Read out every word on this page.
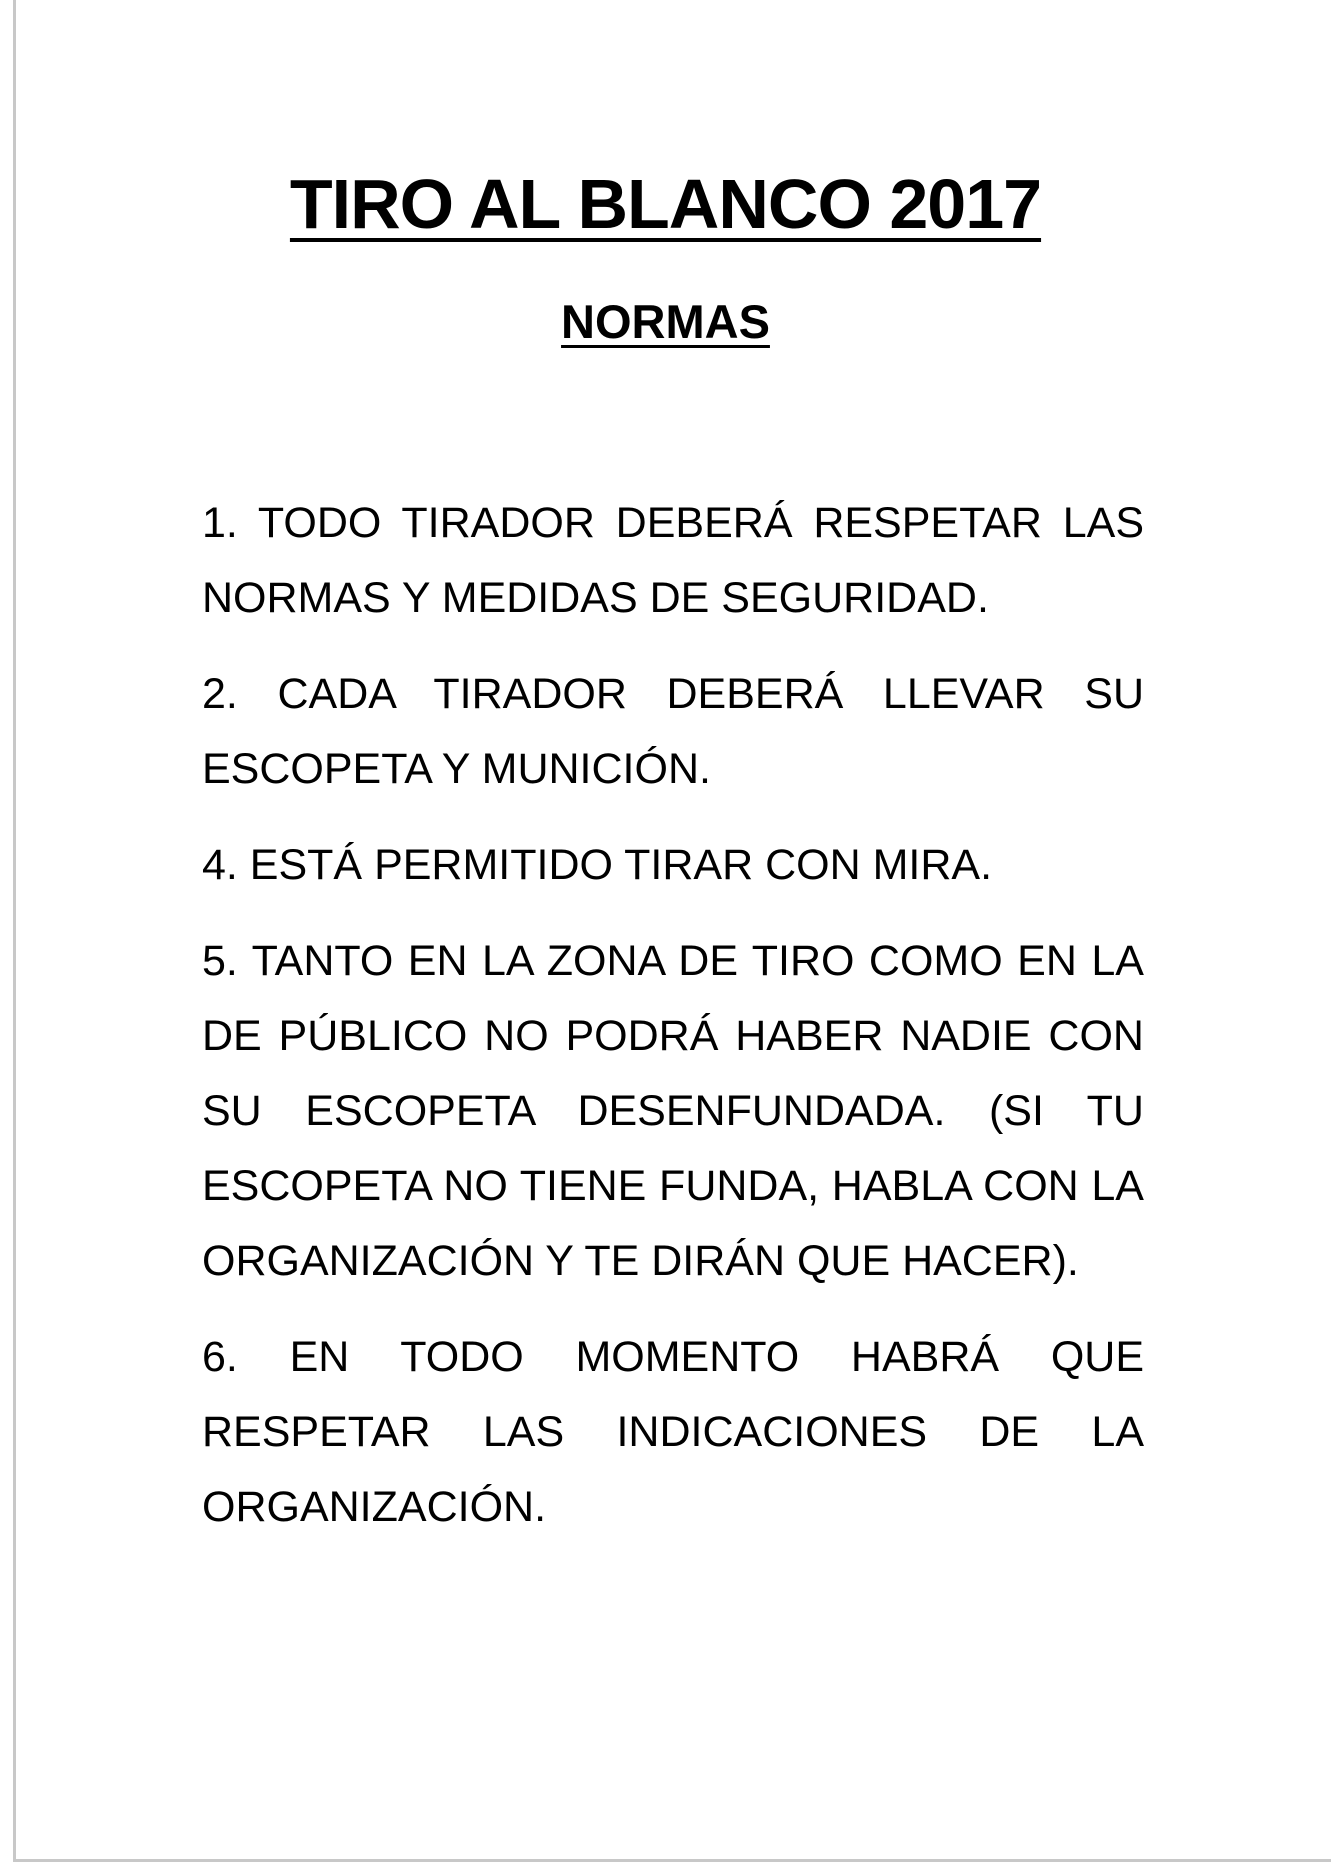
TIRO AL BLANCO 2017
NORMAS

1. TODO TIRADOR DEBERÁ RESPETAR LAS NORMAS Y MEDIDAS DE SEGURIDAD.

2. CADA TIRADOR DEBERÁ LLEVAR SU ESCOPETA Y MUNICIÓN.

4. ESTÁ PERMITIDO TIRAR CON MIRA.

5. TANTO EN LA ZONA DE TIRO COMO EN LA DE PÚBLICO NO PODRÁ HABER NADIE CON SU ESCOPETA DESENFUNDADA. (SI TU ESCOPETA NO TIENE FUNDA, HABLA CON LA ORGANIZACIÓN Y TE DIRÁN QUE HACER).

6. EN TODO MOMENTO HABRÁ QUE RESPETAR LAS INDICACIONES DE LA ORGANIZACIÓN.
